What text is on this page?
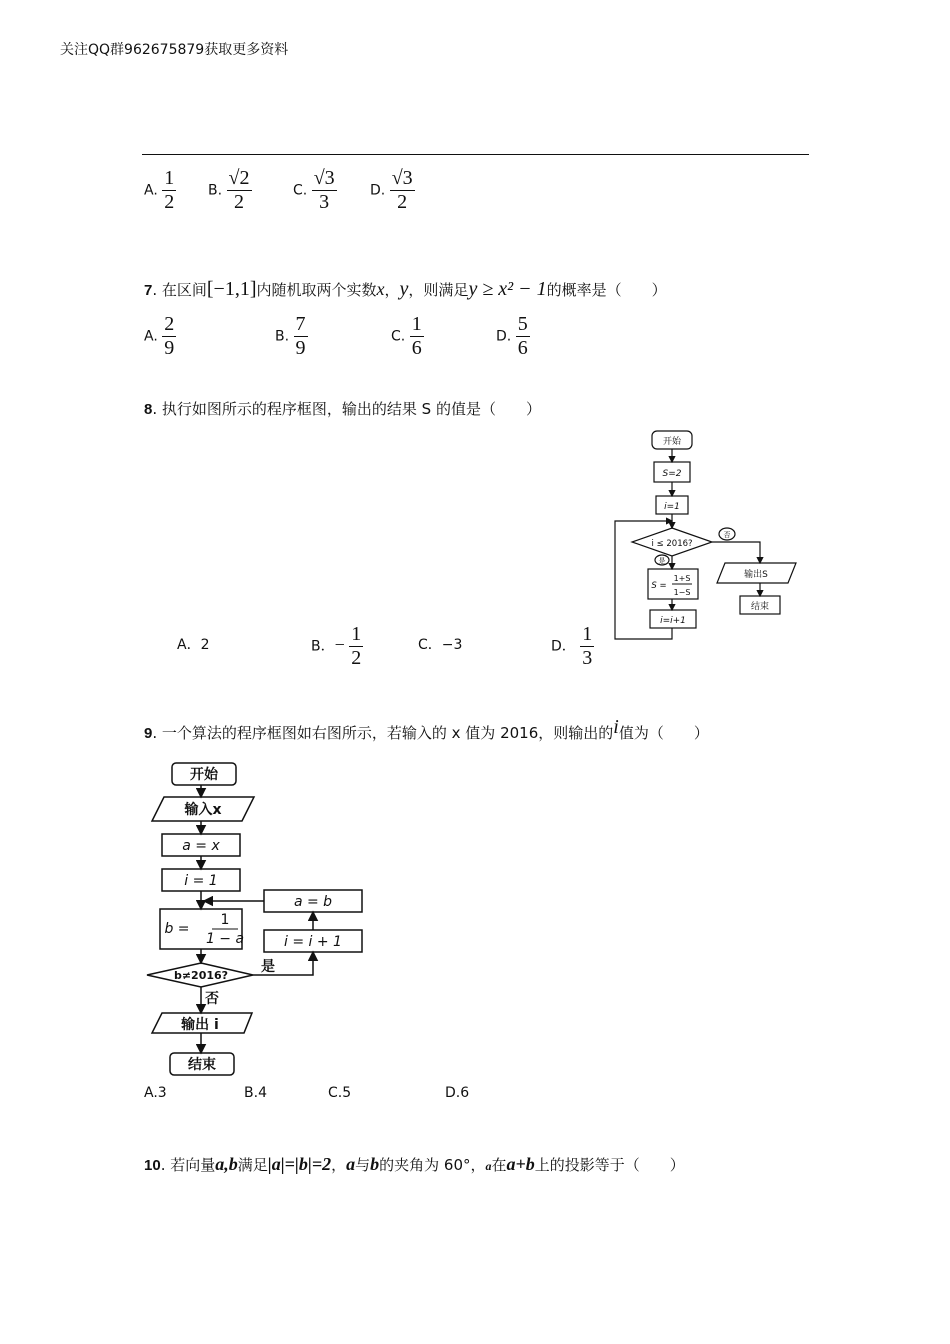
关注QQ群962675879获取更多资料
A. $\frac{1}{2} B$. $\frac{√2}{2}$	C. $\frac{√3}{3} D$. $\frac{√3}{2}$
7. 在区间[−1,1]内随机取两个实数x，y，则满足y ≥ x² − 1的概率是（　　）
A. $\frac{2}{9}$	B. $\frac{7}{9}$	C. $\frac{1}{6}$	D. $\frac{5}{6}$
8. 执行如图所示的程序框图，输出的结果 S 的值是（　　）
开始
S=2
i=1
i ≤ 2016?
否
是
S =
1+S
1−S
i=i+1
输出S
结束
A．2	B．− $\frac{1}{2}$	C．−3	D． $\frac{1}{3}$
9. 一个算法的程序框图如右图所示，若输入的 x 值为 2016，则输出的i值为（　　）
开始
输入x
a = x
i = 1
b =
1
1 − a
b≠2016?
是
否
a = b
i = i + 1
输出 i
结束
A.3	B.4	C.5	D.6
10. 若向量a,b满足|a|=|b|=2，a与b的夹角为 60°，a在a+b上的投影等于（　　）
